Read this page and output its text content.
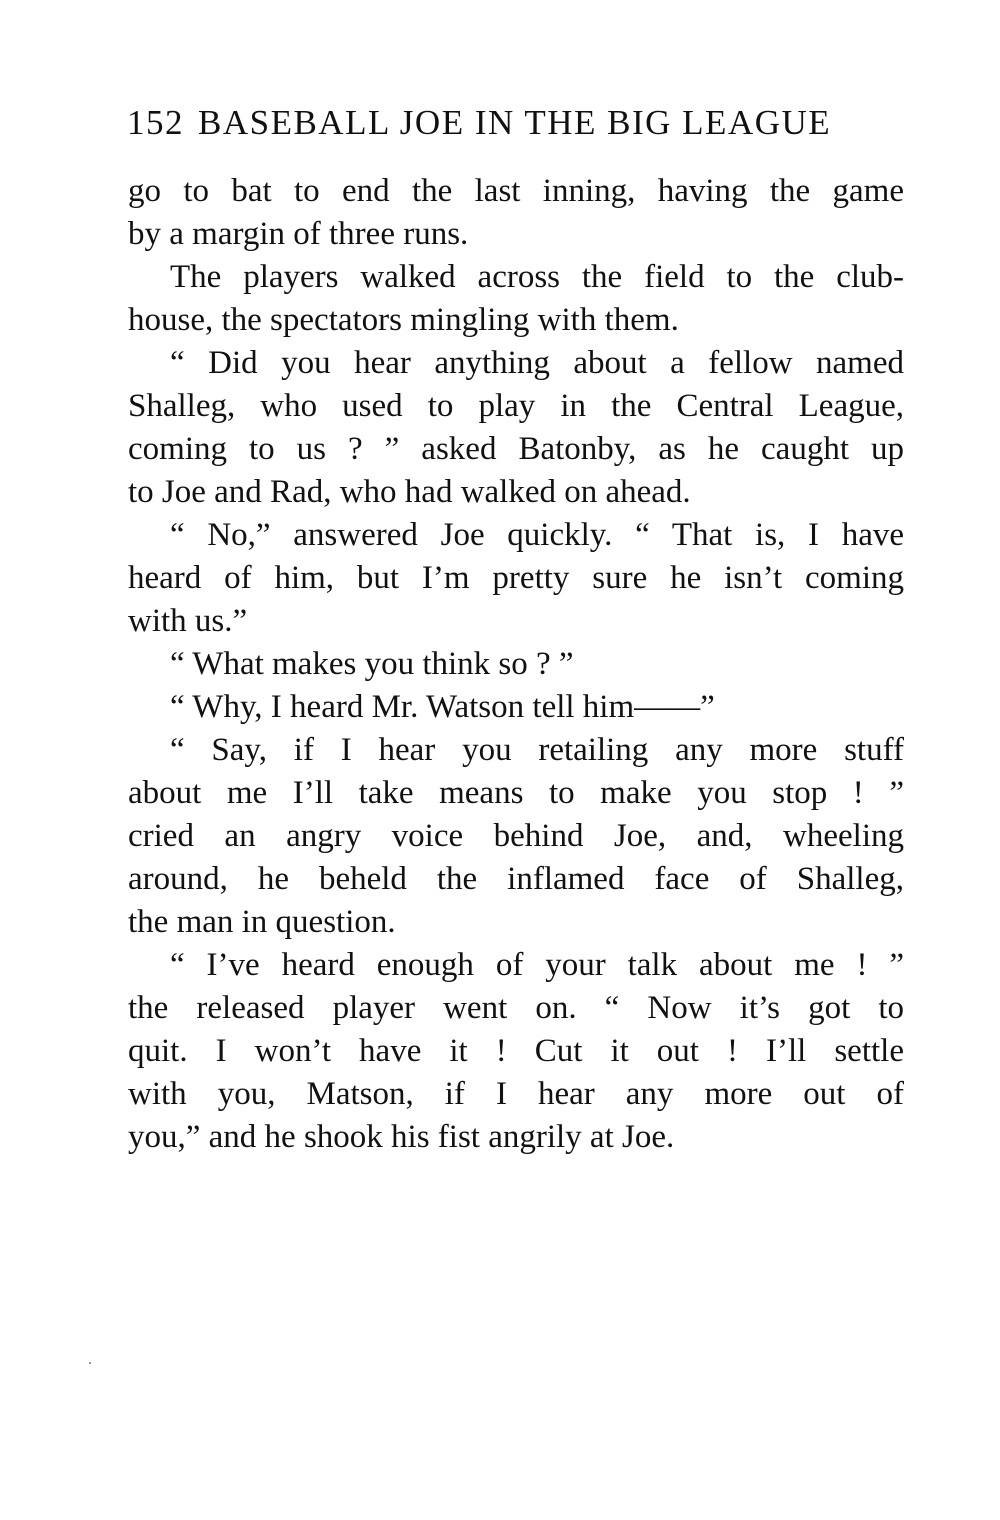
152 BASEBALL JOE IN THE BIG LEAGUE
go to bat to end the last inning, having the game
by a margin of three runs.
The players walked across the field to the club-
house, the spectators mingling with them.
“ Did you hear anything about a fellow named
Shalleg, who used to play in the Central League,
coming to us ? ” asked Batonby, as he caught up
to Joe and Rad, who had walked on ahead.
“ No,” answered Joe quickly. “ That is, I have
heard of him, but I’m pretty sure he isn’t coming
with us.”
“ What makes you think so ? ”
“ Why, I heard Mr. Watson tell him——”
“ Say, if I hear you retailing any more stuff
about me I’ll take means to make you stop ! ”
cried an angry voice behind Joe, and, wheeling
around, he beheld the inflamed face of Shalleg,
the man in question.
“ I’ve heard enough of your talk about me ! ”
the released player went on. “ Now it’s got to
quit. I won’t have it ! Cut it out ! I’ll settle
with you, Matson, if I hear any more out of
you,” and he shook his fist angrily at Joe.
